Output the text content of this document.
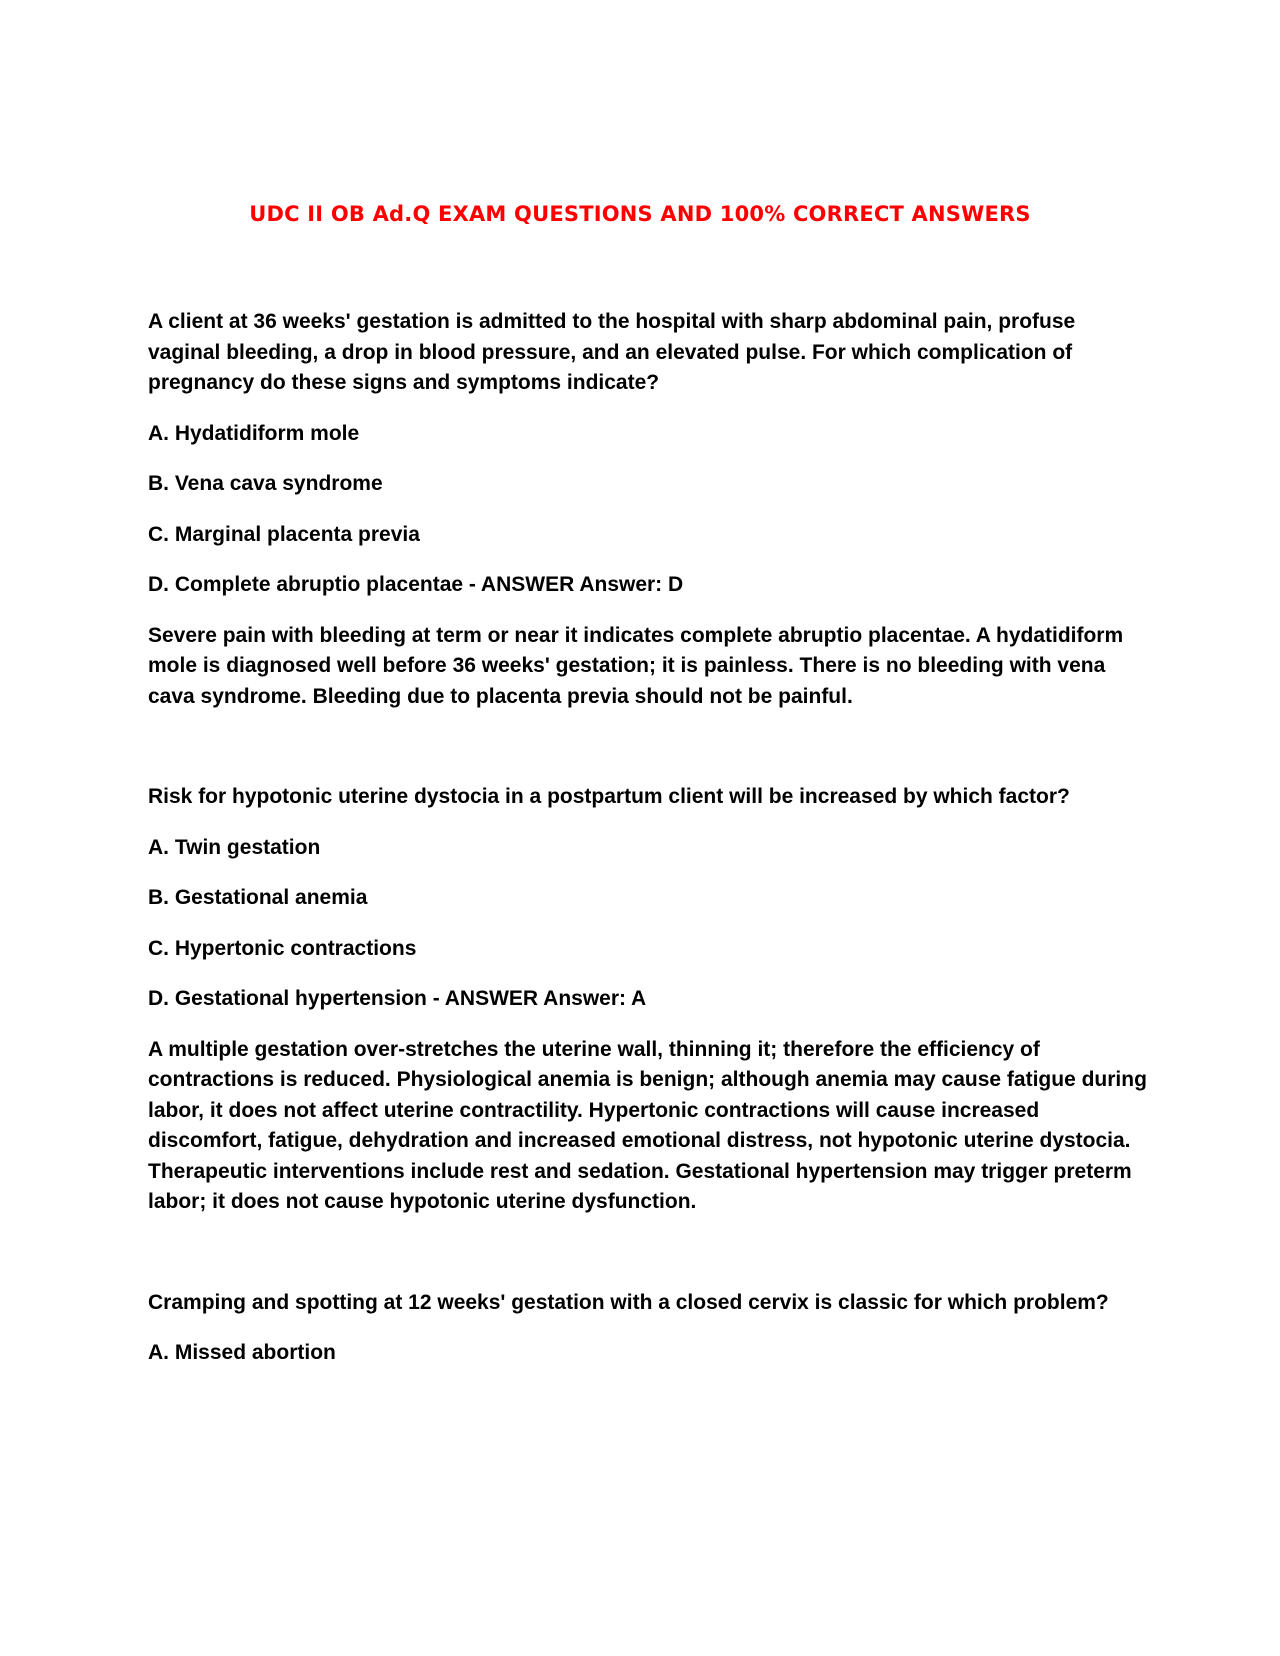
UDC II OB Ad.Q EXAM QUESTIONS AND 100% CORRECT ANSWERS

A client at 36 weeks' gestation is admitted to the hospital with sharp abdominal pain, profuse vaginal bleeding, a drop in blood pressure, and an elevated pulse. For which complication of pregnancy do these signs and symptoms indicate?

A. Hydatidiform mole

B. Vena cava syndrome

C. Marginal placenta previa

D. Complete abruptio placentae - ANSWER Answer: D

Severe pain with bleeding at term or near it indicates complete abruptio placentae. A hydatidiform mole is diagnosed well before 36 weeks' gestation; it is painless. There is no bleeding with vena cava syndrome. Bleeding due to placenta previa should not be painful.

Risk for hypotonic uterine dystocia in a postpartum client will be increased by which factor?

A. Twin gestation

B. Gestational anemia

C. Hypertonic contractions

D. Gestational hypertension - ANSWER Answer: A

A multiple gestation over-stretches the uterine wall, thinning it; therefore the efficiency of contractions is reduced. Physiological anemia is benign; although anemia may cause fatigue during labor, it does not affect uterine contractility. Hypertonic contractions will cause increased discomfort, fatigue, dehydration and increased emotional distress, not hypotonic uterine dystocia. Therapeutic interventions include rest and sedation. Gestational hypertension may trigger preterm labor; it does not cause hypotonic uterine dysfunction.

Cramping and spotting at 12 weeks' gestation with a closed cervix is classic for which problem?

A. Missed abortion
